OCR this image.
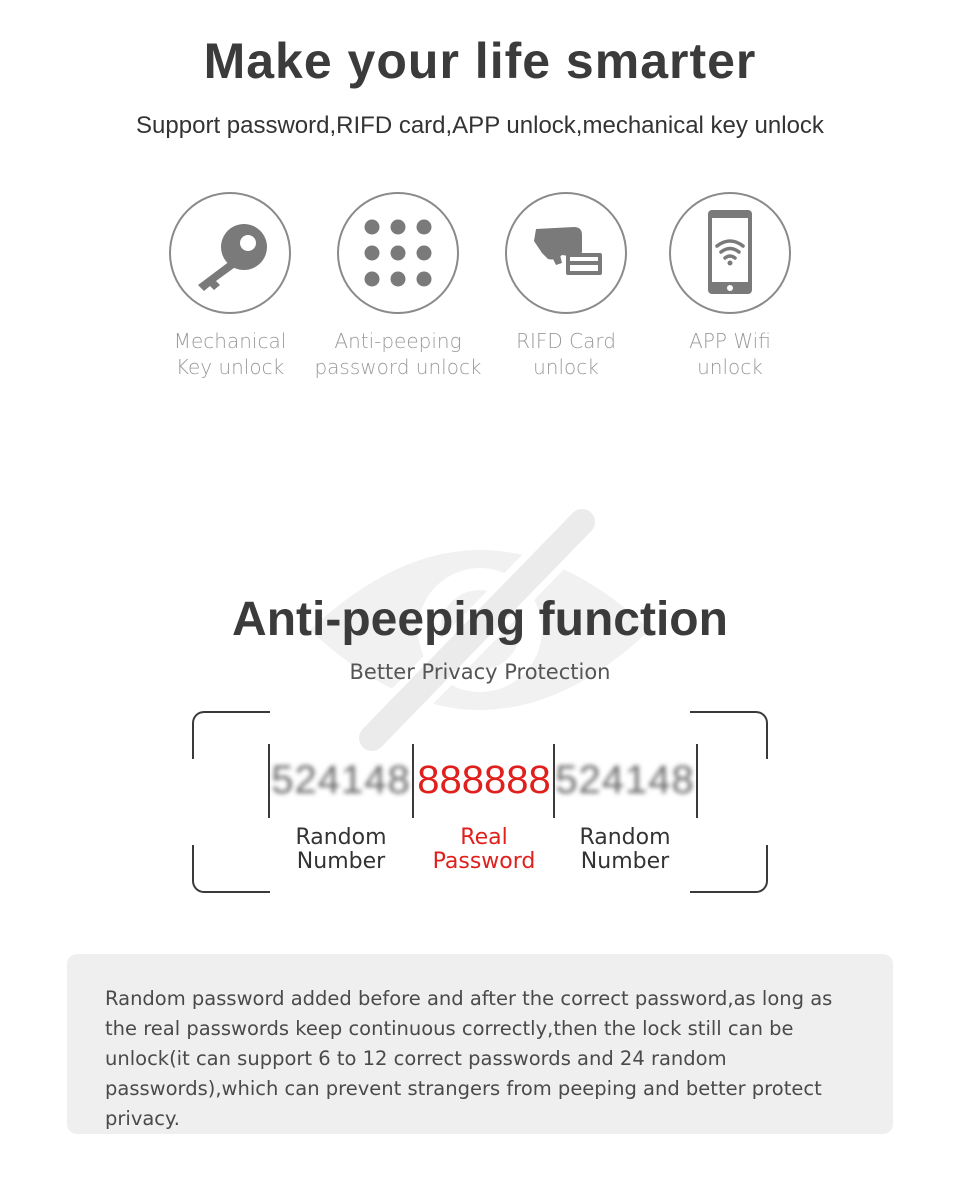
Make your life smarter
Support password,RIFD card,APP unlock,mechanical key unlock
Mechanical
Key unlock
Anti-peeping
password unlock
RIFD Card
unlock
APP Wifi
unlock
Anti-peeping function
Better Privacy Protection
524148 888888 524148
Random
Number
Real
Password
Random
Number
Random password added before and after the correct password,as long as the real passwords keep continuous correctly,then the lock still can be unlock(it can support 6 to 12 correct passwords and 24 random passwords),which can prevent strangers from peeping and better protect privacy.
